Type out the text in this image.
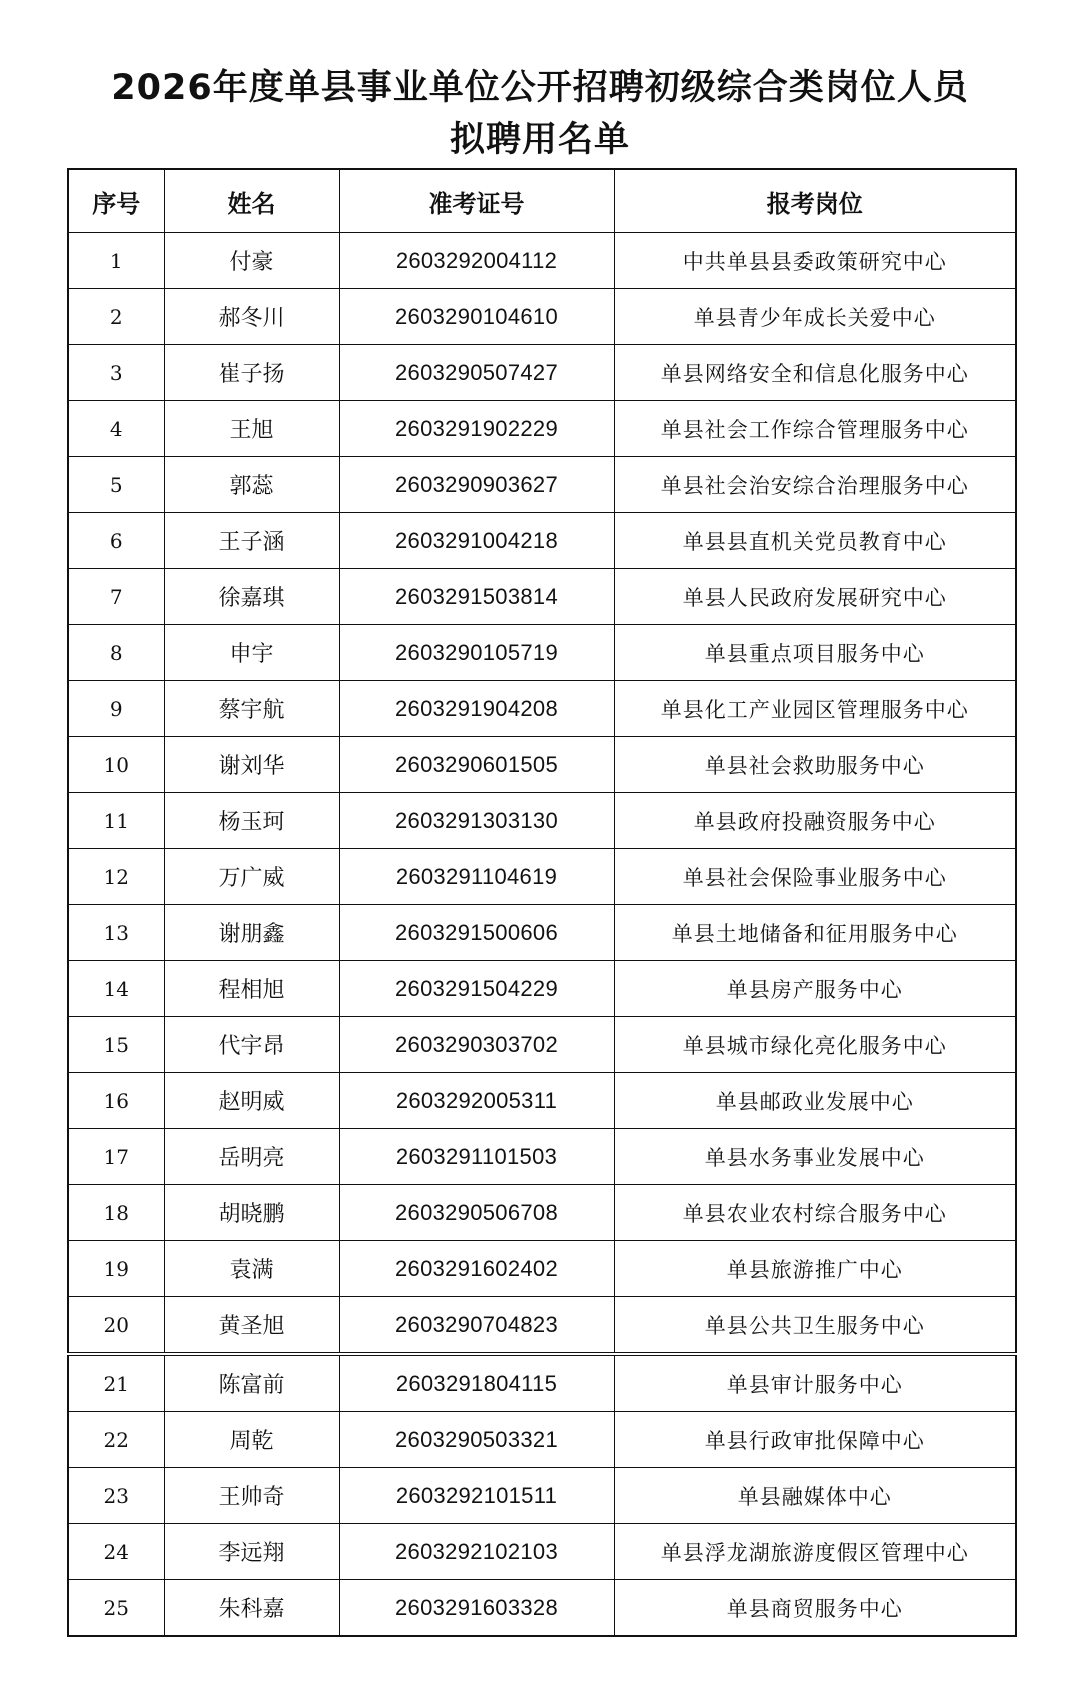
2026年度单县事业单位公开招聘初级综合类岗位人员
拟聘用名单
序号	姓名	准考证号	报考岗位
1	付豪	2603292004112	中共单县县委政策研究中心
2	郝冬川	2603290104610	单县青少年成长关爱中心
3	崔子扬	2603290507427	单县网络安全和信息化服务中心
4	王旭	2603291902229	单县社会工作综合管理服务中心
5	郭蕊	2603290903627	单县社会治安综合治理服务中心
6	王子涵	2603291004218	单县县直机关党员教育中心
7	徐嘉琪	2603291503814	单县人民政府发展研究中心
8	申宇	2603290105719	单县重点项目服务中心
9	蔡宇航	2603291904208	单县化工产业园区管理服务中心
10	谢刘华	2603290601505	单县社会救助服务中心
11	杨玉珂	2603291303130	单县政府投融资服务中心
12	万广威	2603291104619	单县社会保险事业服务中心
13	谢朋鑫	2603291500606	单县土地储备和征用服务中心
14	程相旭	2603291504229	单县房产服务中心
15	代宇昂	2603290303702	单县城市绿化亮化服务中心
16	赵明威	2603292005311	单县邮政业发展中心
17	岳明亮	2603291101503	单县水务事业发展中心
18	胡晓鹏	2603290506708	单县农业农村综合服务中心
19	袁满	2603291602402	单县旅游推广中心
20	黄圣旭	2603290704823	单县公共卫生服务中心
21	陈富前	2603291804115	单县审计服务中心
22	周乾	2603290503321	单县行政审批保障中心
23	王帅奇	2603292101511	单县融媒体中心
24	李远翔	2603292102103	单县浮龙湖旅游度假区管理中心
25	朱科嘉	2603291603328	单县商贸服务中心
